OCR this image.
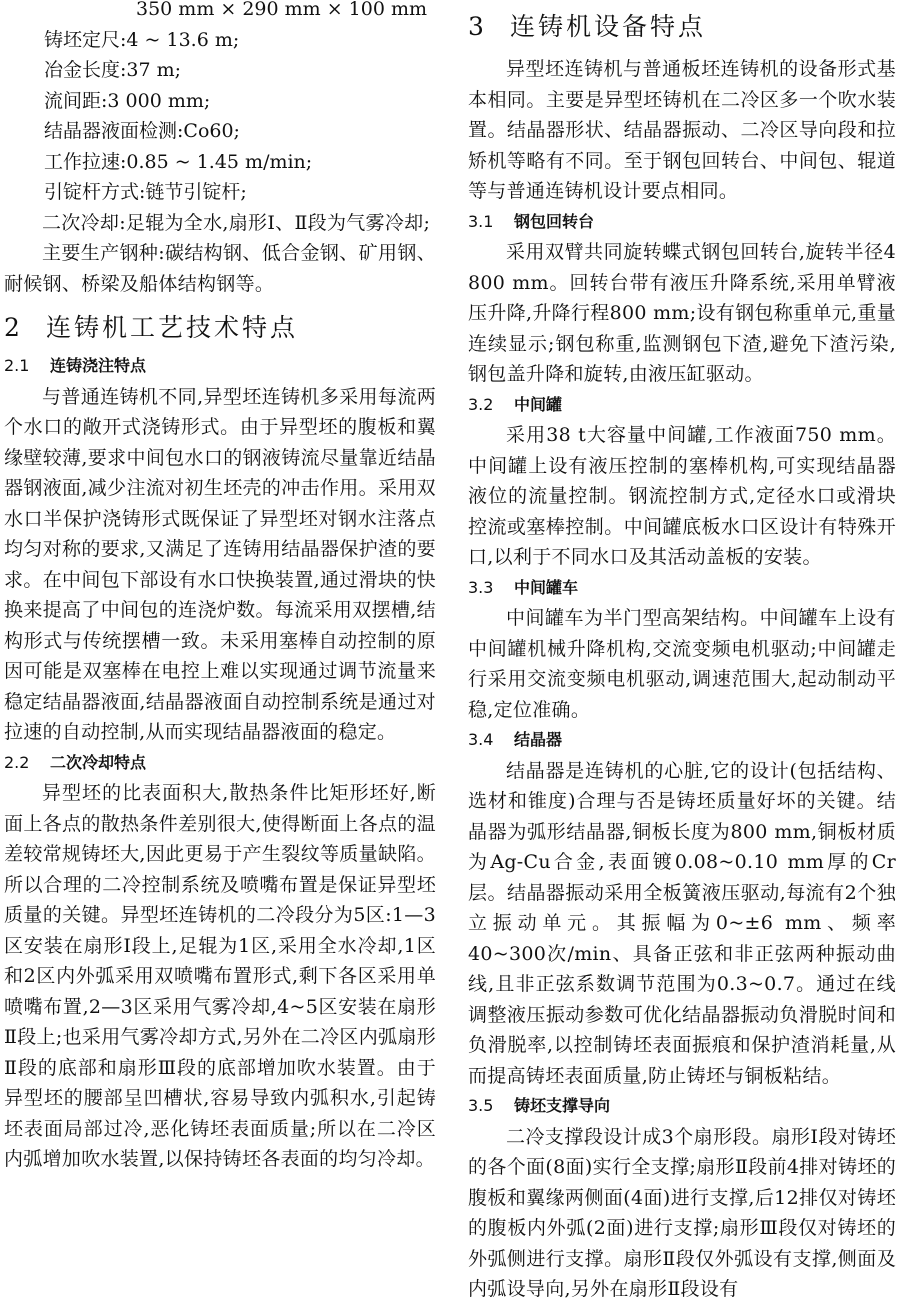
350 mm × 290 mm × 100 mm
铸坯定尺:4 ~ 13.6 m;
冶金长度:37 m;
流间距:3 000 mm;
结晶器液面检测:Co60;
工作拉速:0.85 ~ 1.45 m/min;
引锭杆方式:链节引锭杆;

二次冷却:足辊为全水,扇形Ⅰ、Ⅱ段为气雾冷却;

主要生产钢种:碳结构钢、低合金钢、矿用钢、耐候钢、桥梁及船体结构钢等。

2 连铸机工艺技术特点
2.1 连铸浇注特点

与普通连铸机不同,异型坯连铸机多采用每流两个水口的敞开式浇铸形式。由于异型坯的腹板和翼缘壁较薄,要求中间包水口的钢液铸流尽量靠近结晶器钢液面,减少注流对初生坯壳的冲击作用。采用双水口半保护浇铸形式既保证了异型坯对钢水注落点均匀对称的要求,又满足了连铸用结晶器保护渣的要求。在中间包下部设有水口快换装置,通过滑块的快换来提高了中间包的连浇炉数。每流采用双摆槽,结构形式与传统摆槽一致。未采用塞棒自动控制的原因可能是双塞棒在电控上难以实现通过调节流量来稳定结晶器液面,结晶器液面自动控制系统是通过对拉速的自动控制,从而实现结晶器液面的稳定。

2.2 二次冷却特点

异型坯的比表面积大,散热条件比矩形坯好,断面上各点的散热条件差别很大,使得断面上各点的温差较常规铸坯大,因此更易于产生裂纹等质量缺陷。所以合理的二冷控制系统及喷嘴布置是保证异型坯质量的关键。异型坯连铸机的二冷段分为5区:1—3区安装在扇形Ⅰ段上,足辊为1区,采用全水冷却,1区和2区内外弧采用双喷嘴布置形式,剩下各区采用单喷嘴布置,2—3区采用气雾冷却,4~5区安装在扇形Ⅱ段上;也采用气雾冷却方式,另外在二冷区内弧扇形Ⅱ段的底部和扇形Ⅲ段的底部增加吹水装置。由于异型坯的腰部呈凹槽状,容易导致内弧积水,引起铸坯表面局部过冷,恶化铸坯表面质量;所以在二冷区内弧增加吹水装置,以保持铸坯各表面的均匀冷却。

3 连铸机设备特点

异型坯连铸机与普通板坯连铸机的设备形式基本相同。主要是异型坯铸机在二冷区多一个吹水装置。结晶器形状、结晶器振动、二冷区导向段和拉矫机等略有不同。至于钢包回转台、中间包、辊道等与普通连铸机设计要点相同。

3.1 钢包回转台

采用双臂共同旋转蝶式钢包回转台,旋转半径4 800 mm。回转台带有液压升降系统,采用单臂液压升降,升降行程800 mm;设有钢包称重单元,重量连续显示;钢包称重,监测钢包下渣,避免下渣污染,钢包盖升降和旋转,由液压缸驱动。

3.2 中间罐

采用38 t大容量中间罐,工作液面750 mm。中间罐上设有液压控制的塞棒机构,可实现结晶器液位的流量控制。钢流控制方式,定径水口或滑块控流或塞棒控制。中间罐底板水口区设计有特殊开口,以利于不同水口及其活动盖板的安装。

3.3 中间罐车

中间罐车为半门型高架结构。中间罐车上设有中间罐机械升降机构,交流变频电机驱动;中间罐走行采用交流变频电机驱动,调速范围大,起动制动平稳,定位准确。

3.4 结晶器

结晶器是连铸机的心脏,它的设计(包括结构、选材和锥度)合理与否是铸坯质量好坏的关键。结晶器为弧形结晶器,铜板长度为800 mm,铜板材质为Ag-Cu合金,表面镀0.08~0.10 mm厚的Cr层。结晶器振动采用全板簧液压驱动,每流有2个独立振动单元。其振幅为0~±6 mm、频率40~300次/min、具备正弦和非正弦两种振动曲线,且非正弦系数调节范围为0.3~0.7。通过在线调整液压振动参数可优化结晶器振动负滑脱时间和负滑脱率,以控制铸坯表面振痕和保护渣消耗量,从而提高铸坯表面质量,防止铸坯与铜板粘结。

3.5 铸坯支撑导向

二冷支撑段设计成3个扇形段。扇形Ⅰ段对铸坯的各个面(8面)实行全支撑;扇形Ⅱ段前4排对铸坯的腹板和翼缘两侧面(4面)进行支撑,后12排仅对铸坯的腹板内外弧(2面)进行支撑;扇形Ⅲ段仅对铸坯的外弧侧进行支撑。扇形Ⅱ段仅外弧设有支撑,侧面及内弧设导向,另外在扇形Ⅱ段设有
